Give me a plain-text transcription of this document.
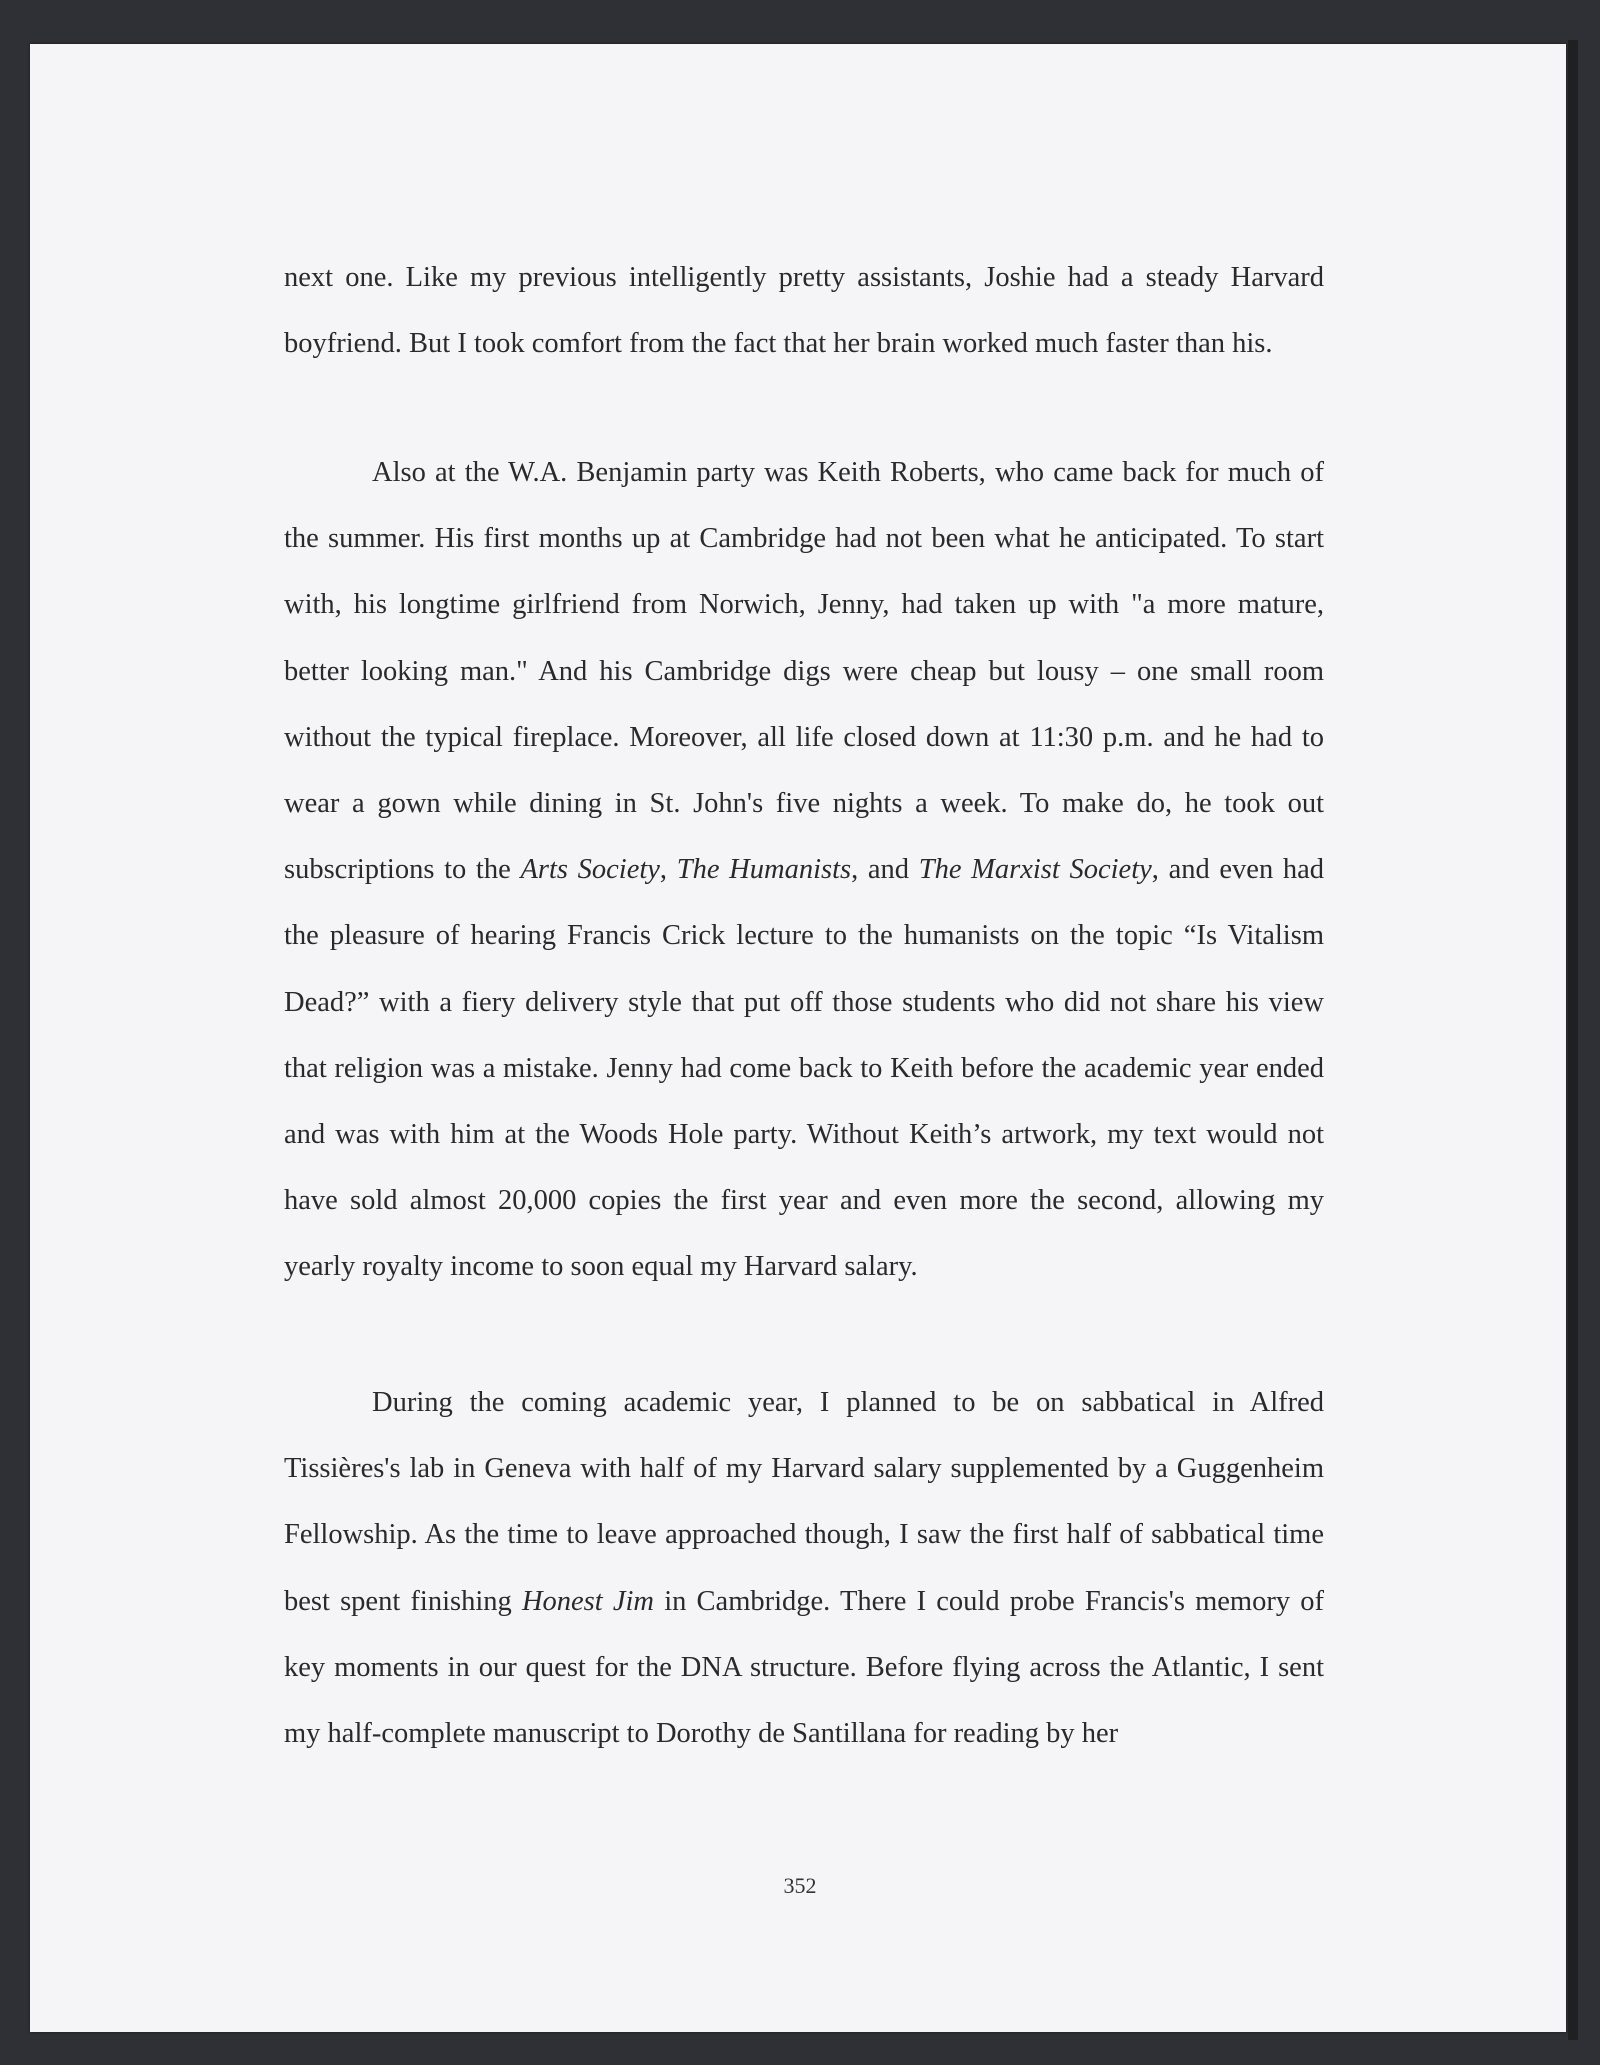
next one. Like my previous intelligently pretty assistants, Joshie had a steady Harvard boyfriend. But I took comfort from the fact that her brain worked much faster than his.

Also at the W.A. Benjamin party was Keith Roberts, who came back for much of the summer. His first months up at Cambridge had not been what he anticipated. To start with, his longtime girlfriend from Norwich, Jenny, had taken up with "a more mature, better looking man." And his Cambridge digs were cheap but lousy – one small room without the typical fireplace. Moreover, all life closed down at 11:30 p.m. and he had to wear a gown while dining in St. John's five nights a week. To make do, he took out subscriptions to the Arts Society, The Humanists, and The Marxist Society, and even had the pleasure of hearing Francis Crick lecture to the humanists on the topic “Is Vitalism Dead?” with a fiery delivery style that put off those students who did not share his view that religion was a mistake. Jenny had come back to Keith before the academic year ended and was with him at the Woods Hole party. Without Keith’s artwork, my text would not have sold almost 20,000 copies the first year and even more the second, allowing my yearly royalty income to soon equal my Harvard salary.

During the coming academic year, I planned to be on sabbatical in Alfred Tissières's lab in Geneva with half of my Harvard salary supplemented by a Guggenheim Fellowship. As the time to leave approached though, I saw the first half of sabbatical time best spent finishing Honest Jim in Cambridge. There I could probe Francis's memory of key moments in our quest for the DNA structure. Before flying across the Atlantic, I sent my half-complete manuscript to Dorothy de Santillana for reading by her

352
